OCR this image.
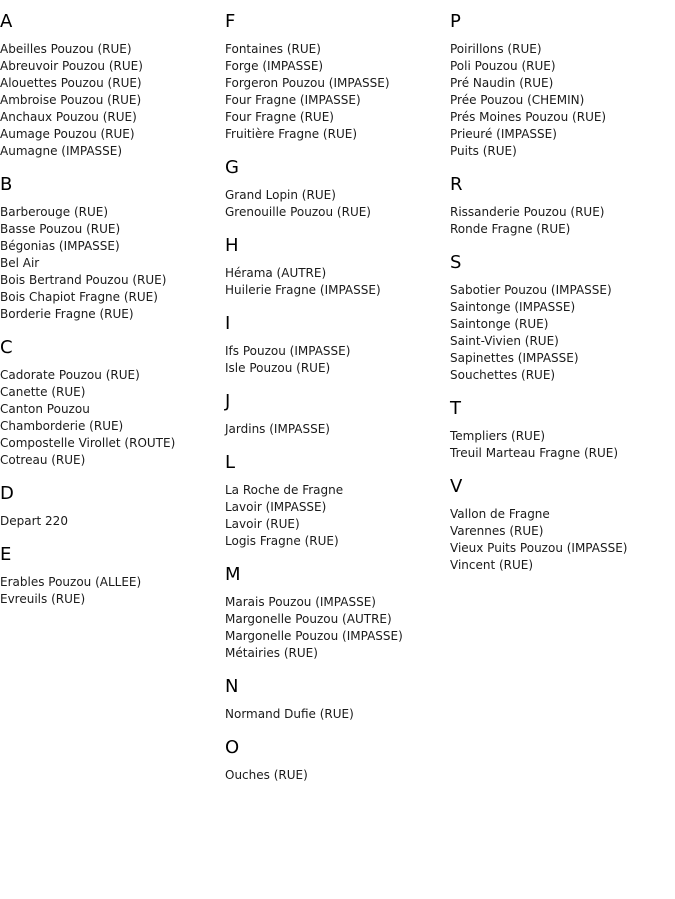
A
Abeilles Pouzou (RUE)
Abreuvoir Pouzou (RUE)
Alouettes Pouzou (RUE)
Ambroise Pouzou (RUE)
Anchaux Pouzou (RUE)
Aumage Pouzou (RUE)
Aumagne (IMPASSE)
B
Barberouge (RUE)
Basse Pouzou (RUE)
Bégonias (IMPASSE)
Bel Air
Bois Bertrand Pouzou (RUE)
Bois Chapiot Fragne (RUE)
Borderie Fragne (RUE)
C
Cadorate Pouzou (RUE)
Canette (RUE)
Canton Pouzou
Chamborderie (RUE)
Compostelle Virollet (ROUTE)
Cotreau (RUE)
D
Depart 220
E
Erables Pouzou (ALLEE)
Evreuils (RUE)
F
Fontaines (RUE)
Forge (IMPASSE)
Forgeron Pouzou (IMPASSE)
Four Fragne (IMPASSE)
Four Fragne (RUE)
Fruitière Fragne (RUE)
G
Grand Lopin (RUE)
Grenouille Pouzou (RUE)
H
Hérama (AUTRE)
Huilerie Fragne (IMPASSE)
I
Ifs Pouzou (IMPASSE)
Isle Pouzou (RUE)
J
Jardins (IMPASSE)
L
La Roche de Fragne
Lavoir (IMPASSE)
Lavoir (RUE)
Logis Fragne (RUE)
M
Marais Pouzou (IMPASSE)
Margonelle Pouzou (AUTRE)
Margonelle Pouzou (IMPASSE)
Métairies (RUE)
N
Normand Dufie (RUE)
O
Ouches (RUE)
P
Poirillons (RUE)
Poli Pouzou (RUE)
Pré Naudin (RUE)
Prée Pouzou (CHEMIN)
Prés Moines Pouzou (RUE)
Prieuré (IMPASSE)
Puits (RUE)
R
Rissanderie Pouzou (RUE)
Ronde Fragne (RUE)
S
Sabotier Pouzou (IMPASSE)
Saintonge (IMPASSE)
Saintonge (RUE)
Saint-Vivien (RUE)
Sapinettes (IMPASSE)
Souchettes (RUE)
T
Templiers (RUE)
Treuil Marteau Fragne (RUE)
V
Vallon de Fragne
Varennes (RUE)
Vieux Puits Pouzou (IMPASSE)
Vincent (RUE)
